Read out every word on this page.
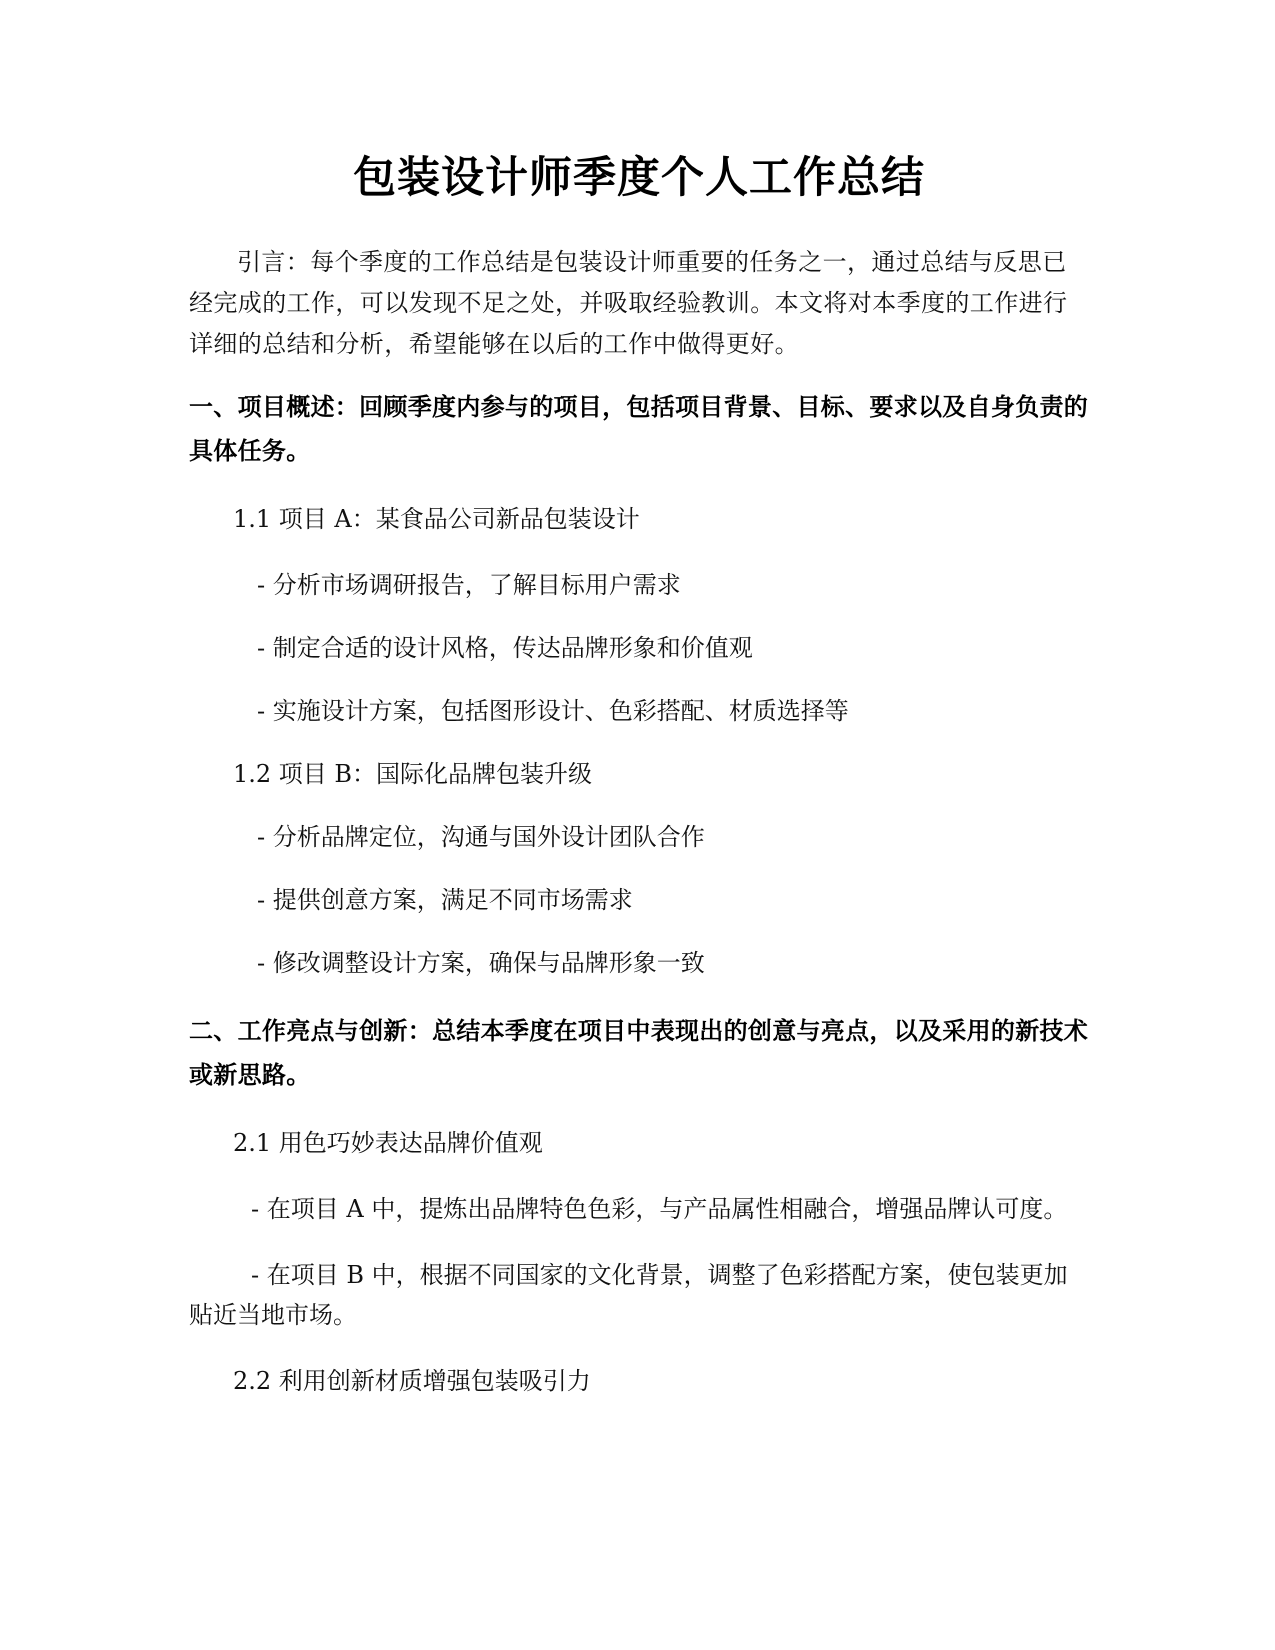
包装设计师季度个人工作总结

引言：每个季度的工作总结是包装设计师重要的任务之一，通过总结与反思已经完成的工作，可以发现不足之处，并吸取经验教训。本文将对本季度的工作进行详细的总结和分析，希望能够在以后的工作中做得更好。

一、项目概述：回顾季度内参与的项目，包括项目背景、目标、要求以及自身负责的具体任务。

1.1 项目 A：某食品公司新品包装设计

- 分析市场调研报告，了解目标用户需求

- 制定合适的设计风格，传达品牌形象和价值观

- 实施设计方案，包括图形设计、色彩搭配、材质选择等

1.2 项目 B：国际化品牌包装升级

- 分析品牌定位，沟通与国外设计团队合作

- 提供创意方案，满足不同市场需求

- 修改调整设计方案，确保与品牌形象一致

二、工作亮点与创新：总结本季度在项目中表现出的创意与亮点，以及采用的新技术或新思路。

2.1 用色巧妙表达品牌价值观

- 在项目 A 中，提炼出品牌特色色彩，与产品属性相融合，增强品牌认可度。

- 在项目 B 中，根据不同国家的文化背景，调整了色彩搭配方案，使包装更加贴近当地市场。

2.2 利用创新材质增强包装吸引力
